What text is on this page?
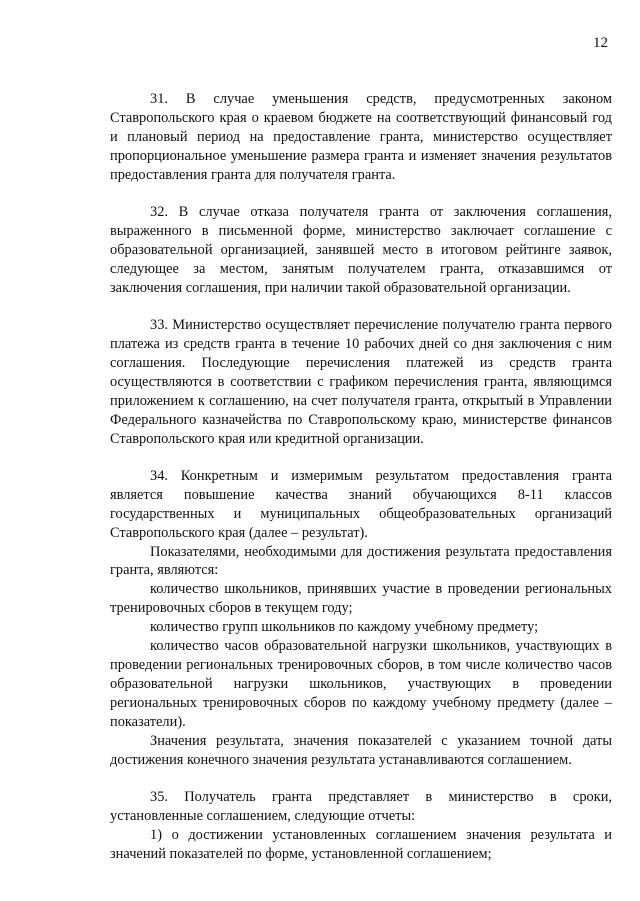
12

31. В случае уменьшения средств, предусмотренных законом Ставропольского края о краевом бюджете на соответствующий финансовый год и плановый период на предоставление гранта, министерство осуществляет пропорциональное уменьшение размера гранта и изменяет значения результатов предоставления гранта для получателя гранта.

32. В случае отказа получателя гранта от заключения соглашения, выраженного в письменной форме, министерство заключает соглашение с образовательной организацией, занявшей место в итоговом рейтинге заявок, следующее за местом, занятым получателем гранта, отказавшимся от заключения соглашения, при наличии такой образовательной организации.

33. Министерство осуществляет перечисление получателю гранта первого платежа из средств гранта в течение 10 рабочих дней со дня заключения с ним соглашения. Последующие перечисления платежей из средств гранта осуществляются в соответствии с графиком перечисления гранта, являющимся приложением к соглашению, на счет получателя гранта, открытый в Управлении Федерального казначейства по Ставропольскому краю, министерстве финансов Ставропольского края или кредитной организации.

34. Конкретным и измеримым результатом предоставления гранта является повышение качества знаний обучающихся 8-11 классов государственных и муниципальных общеобразовательных организаций Ставропольского края (далее – результат).

Показателями, необходимыми для достижения результата предоставления гранта, являются:

количество школьников, принявших участие в проведении региональных тренировочных сборов в текущем году;

количество групп школьников по каждому учебному предмету;

количество часов образовательной нагрузки школьников, участвующих в проведении региональных тренировочных сборов, в том числе количество часов образовательной нагрузки школьников, участвующих в проведении региональных тренировочных сборов по каждому учебному предмету (далее – показатели).

Значения результата, значения показателей с указанием точной даты достижения конечного значения результата устанавливаются соглашением.

35. Получатель гранта представляет в министерство в сроки, установленные соглашением, следующие отчеты:

1) о достижении установленных соглашением значения результата и значений показателей по форме, установленной соглашением;
